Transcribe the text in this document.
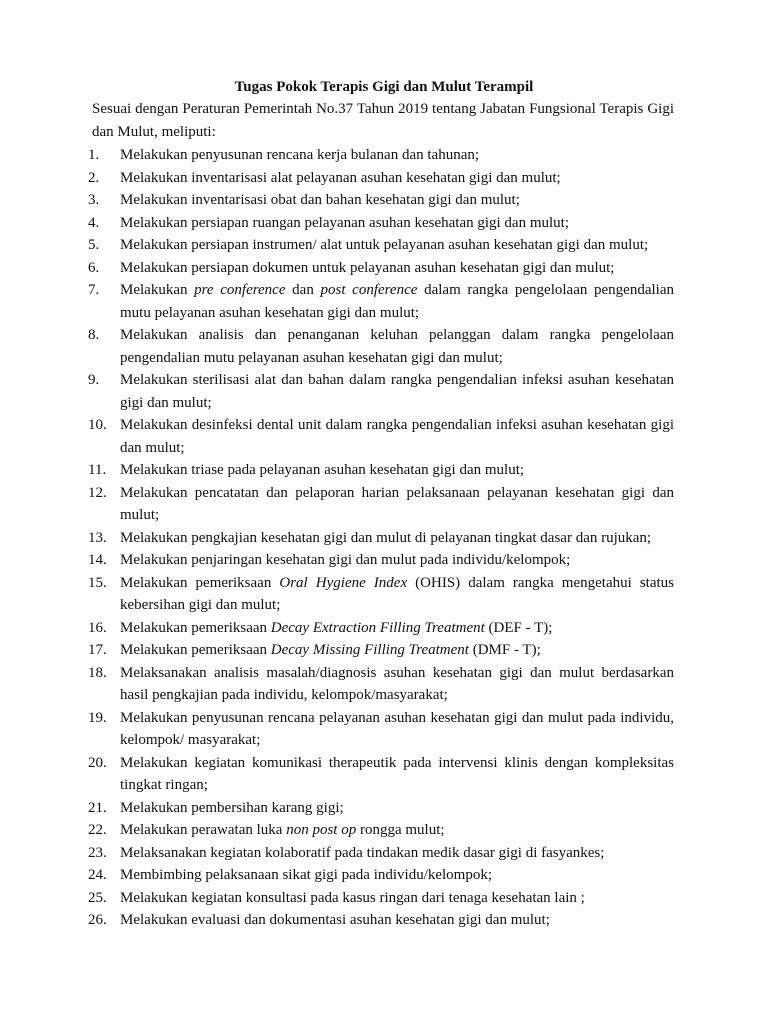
Tugas Pokok Terapis Gigi dan Mulut Terampil
Sesuai dengan Peraturan Pemerintah No.37 Tahun 2019 tentang Jabatan Fungsional Terapis Gigi dan Mulut, meliputi:
1. Melakukan penyusunan rencana kerja bulanan dan tahunan;
2. Melakukan inventarisasi alat pelayanan asuhan kesehatan gigi dan mulut;
3. Melakukan inventarisasi obat dan bahan kesehatan gigi dan mulut;
4. Melakukan persiapan ruangan pelayanan asuhan kesehatan gigi dan mulut;
5. Melakukan persiapan instrumen/ alat untuk pelayanan asuhan kesehatan gigi dan mulut;
6. Melakukan persiapan dokumen untuk pelayanan asuhan kesehatan gigi dan mulut;
7. Melakukan pre conference dan post conference dalam rangka pengelolaan pengendalian mutu pelayanan asuhan kesehatan gigi dan mulut;
8. Melakukan analisis dan penanganan keluhan pelanggan dalam rangka pengelolaan pengendalian mutu pelayanan asuhan kesehatan gigi dan mulut;
9. Melakukan sterilisasi alat dan bahan dalam rangka pengendalian infeksi asuhan kesehatan gigi dan mulut;
10. Melakukan desinfeksi dental unit dalam rangka pengendalian infeksi asuhan kesehatan gigi dan mulut;
11. Melakukan triase pada pelayanan asuhan kesehatan gigi dan mulut;
12. Melakukan pencatatan dan pelaporan harian pelaksanaan pelayanan kesehatan gigi dan mulut;
13. Melakukan pengkajian kesehatan gigi dan mulut di pelayanan tingkat dasar dan rujukan;
14. Melakukan penjaringan kesehatan gigi dan mulut pada individu/kelompok;
15. Melakukan pemeriksaan Oral Hygiene Index (OHIS) dalam rangka mengetahui status kebersihan gigi dan mulut;
16. Melakukan pemeriksaan Decay Extraction Filling Treatment (DEF - T);
17. Melakukan pemeriksaan Decay Missing Filling Treatment (DMF - T);
18. Melaksanakan analisis masalah/diagnosis asuhan kesehatan gigi dan mulut berdasarkan hasil pengkajian pada individu, kelompok/masyarakat;
19. Melakukan penyusunan rencana pelayanan asuhan kesehatan gigi dan mulut pada individu, kelompok/ masyarakat;
20. Melakukan kegiatan komunikasi therapeutik pada intervensi klinis dengan kompleksitas tingkat ringan;
21. Melakukan pembersihan karang gigi;
22. Melakukan perawatan luka non post op rongga mulut;
23. Melaksanakan kegiatan kolaboratif pada tindakan medik dasar gigi di fasyankes;
24. Membimbing pelaksanaan sikat gigi pada individu/kelompok;
25. Melakukan kegiatan konsultasi pada kasus ringan dari tenaga kesehatan lain ;
26. Melakukan evaluasi dan dokumentasi asuhan kesehatan gigi dan mulut;
